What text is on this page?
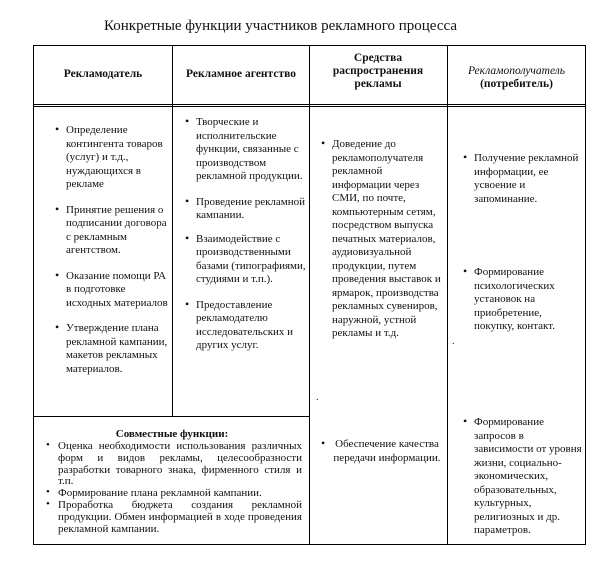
Конкретные функции участников рекламного процесса
Рекламодатель	Рекламное агентство
Средства распространения рекламы
Рекламополучатель
(потребитель)

• Определение контингента товаров (услуг) и т.д., нуждающихся в рекламе

• Принятие решения о подписании договора с рекламным агентством.

• Оказание помощи РА в подготовке исходных материалов

• Утверждение плана рекламной кампании, макетов рекламных материалов.

• Творческие и исполнительские функции, связанные с производством рекламной продукции.

• Проведение рекламной кампании.

• Взаимодействие с производственными базами (типографиями, студиями и т.п.).

• Предоставление рекламодателю исследовательских и других услуг.

• Доведение до рекламополучателя рекламной информации через СМИ, по почте, компьютерным сетям, посредством выпуска печатных материалов, аудиовизуальной продукции, путем проведения выставок и ярмарок, производства рекламных сувениров, наружной, устной рекламы и т.д.

• Обеспечение качества передачи информации.

• Получение рекламной информации, ее усвоение и запоминание.

• Формирование психологических установок на приобретение, покупку, контакт.

• Формирование запросов в зависимости от уровня жизни, социально-экономических, образовательных, культурных, религиозных и др. параметров.

Совместные функции:
• Оценка необходимости использования различных форм и видов рекламы, целесообразности разработки товарного знака, фирменного стиля и т.п.
• Формирование плана рекламной кампании.
• Проработка бюджета создания рекламной продукции. Обмен информацией в ходе проведения рекламной кампании.
.
.
